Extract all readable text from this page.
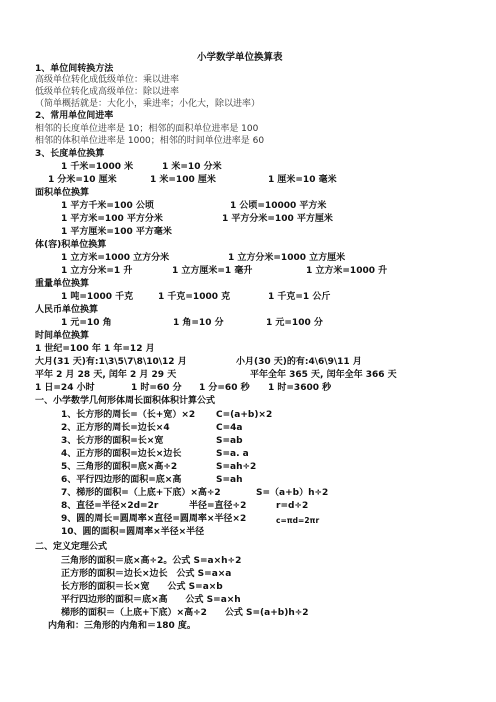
小学数学单位换算表
1、单位间转换方法
高级单位转化成低级单位：乘以进率
低级单位转化成高级单位：除以进率
（简单概括就是：大化小，乘进率；小化大，除以进率）
2、常用单位间进率
相邻的长度单位进率是 10；相邻的面积单位进率是 100
相邻的体积单位进率是 1000；相邻的时间单位进率是 60
3、长度单位换算
1 千米=1000 米	1 米=10 分米
1 分米=10 厘米	1 米=100 厘米	1 厘米=10 毫米
面积单位换算
1 平方千米=100 公顷	1 公顷=10000 平方米
1 平方米=100 平方分米	1 平方分米=100 平方厘米
1 平方厘米=100 平方毫米
体(容)积单位换算
1 立方米=1000 立方分米	1 立方分米=1000 立方厘米
1 立方分米=1 升	1 立方厘米=1 毫升	1 立方米=1000 升
重量单位换算
1 吨=1000 千克	1 千克=1000 克	1 千克=1 公斤
人民币单位换算
1 元=10 角	1 角=10 分	1 元=100 分
时间单位换算
1 世纪=100 年 1 年=12 月
大月(31 天)有:1\3\5\7\8\10\12 月	小月(30 天)的有:4\6\9\11 月
平年 2 月 28 天, 闰年 2 月 29 天	平年全年 365 天, 闰年全年 366 天
1 日=24 小时	1 时=60 分 1 分=60 秒 1 时=3600 秒
一、小学数学几何形体周长面积体积计算公式
1、长方形的周长=（长+宽）×2 C=(a+b)×2
2、正方形的周长=边长×4	C=4a
3、长方形的面积=长×宽	S=ab
4、正方形的面积=边长×边长	S=a. a
5、三角形的面积=底×高÷2	S=ah÷2
6、平行四边形的面积=底×高	S=ah
7、梯形的面积=（上底+下底）×高÷2	S=（a+b）h÷2
8、直径=半径×2d=2r	半径=直径÷2	r=d÷2
9、圆的周长=圆周率×直径=圆周率×半径×2	c=πd=2πr
10、圆的面积=圆周率×半径×半径
二、定义定理公式
三角形的面积＝底×高÷2。公式 S=a×h÷2
正方形的面积＝边长×边长　公式 S=a×a
长方形的面积＝长×宽　　公式 S=a×b
平行四边形的面积＝底×高　　公式 S=a×h
梯形的面积＝（上底+下底）×高÷2　　公式 S=(a+b)h÷2
内角和：三角形的内角和＝180 度。
